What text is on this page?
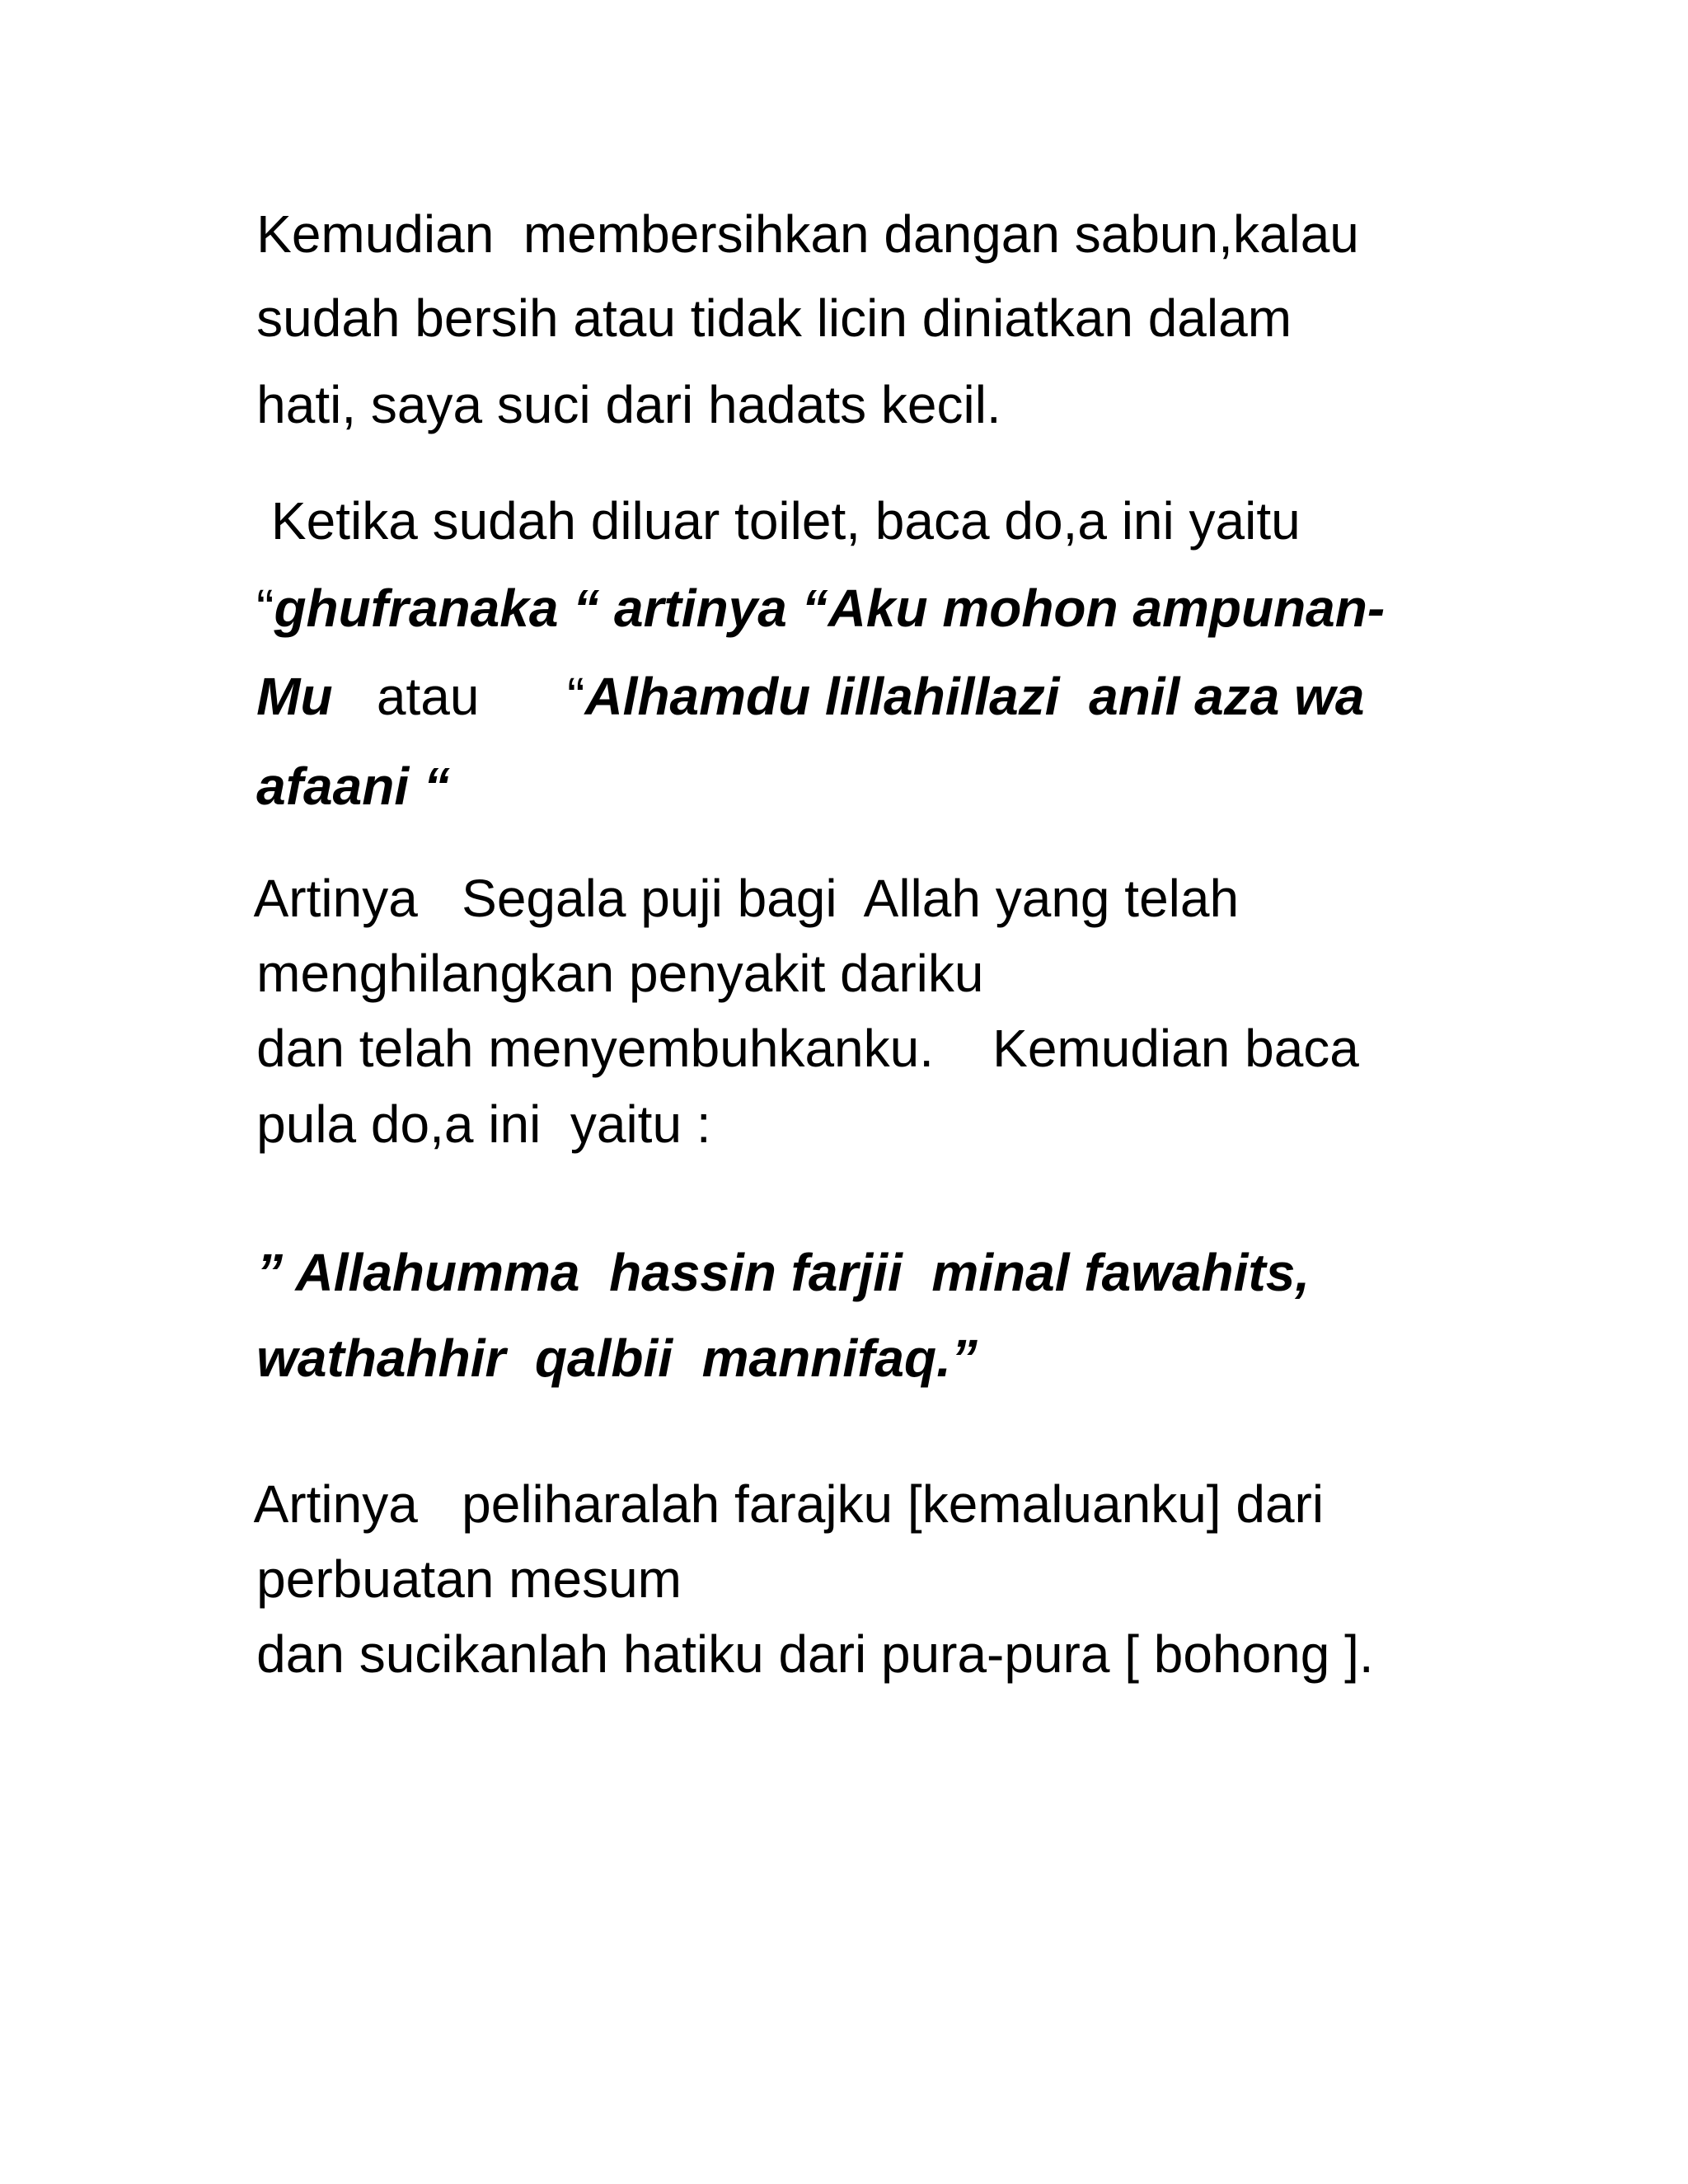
Kemudian  membersihkan dangan sabun,kalau

sudah bersih atau tidak licin diniatkan dalam

hati, saya suci dari hadats kecil.

Ketika sudah diluar toilet, baca do,a ini yaitu

“ghufranaka “ artinya “Aku mohon ampunan-

Mu   atau      “Alhamdu lillahillazi  anil aza wa

afaani “

Artinya   Segala puji bagi  Allah yang telah

menghilangkan penyakit dariku

dan telah menyembuhkanku.    Kemudian baca

pula do,a ini  yaitu :

” Allahumma  hassin farjii  minal fawahits,

wathahhir  qalbii  mannifaq.”

Artinya   peliharalah farajku [kemaluanku] dari

perbuatan mesum

dan sucikanlah hatiku dari pura-pura [ bohong ].
